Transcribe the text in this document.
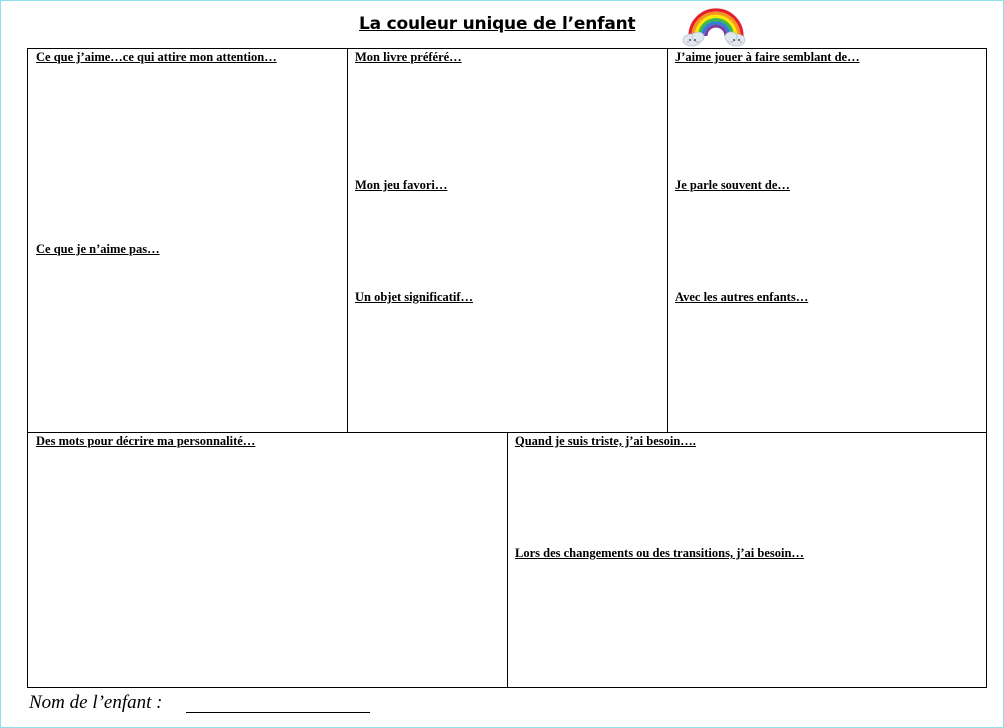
La couleur unique de l’enfant
Ce que j’aime…ce qui attire mon attention…
Ce que je n’aime pas…
Mon livre préféré…
Mon jeu favori…
Un objet significatif…
J’aime jouer à faire semblant de…
Je parle souvent de…
Avec les autres enfants…
Des mots pour décrire ma personnalité…	Quand je suis triste, j’ai besoin….
Lors des changements ou des transitions, j’ai besoin…
Nom de l’enfant :
